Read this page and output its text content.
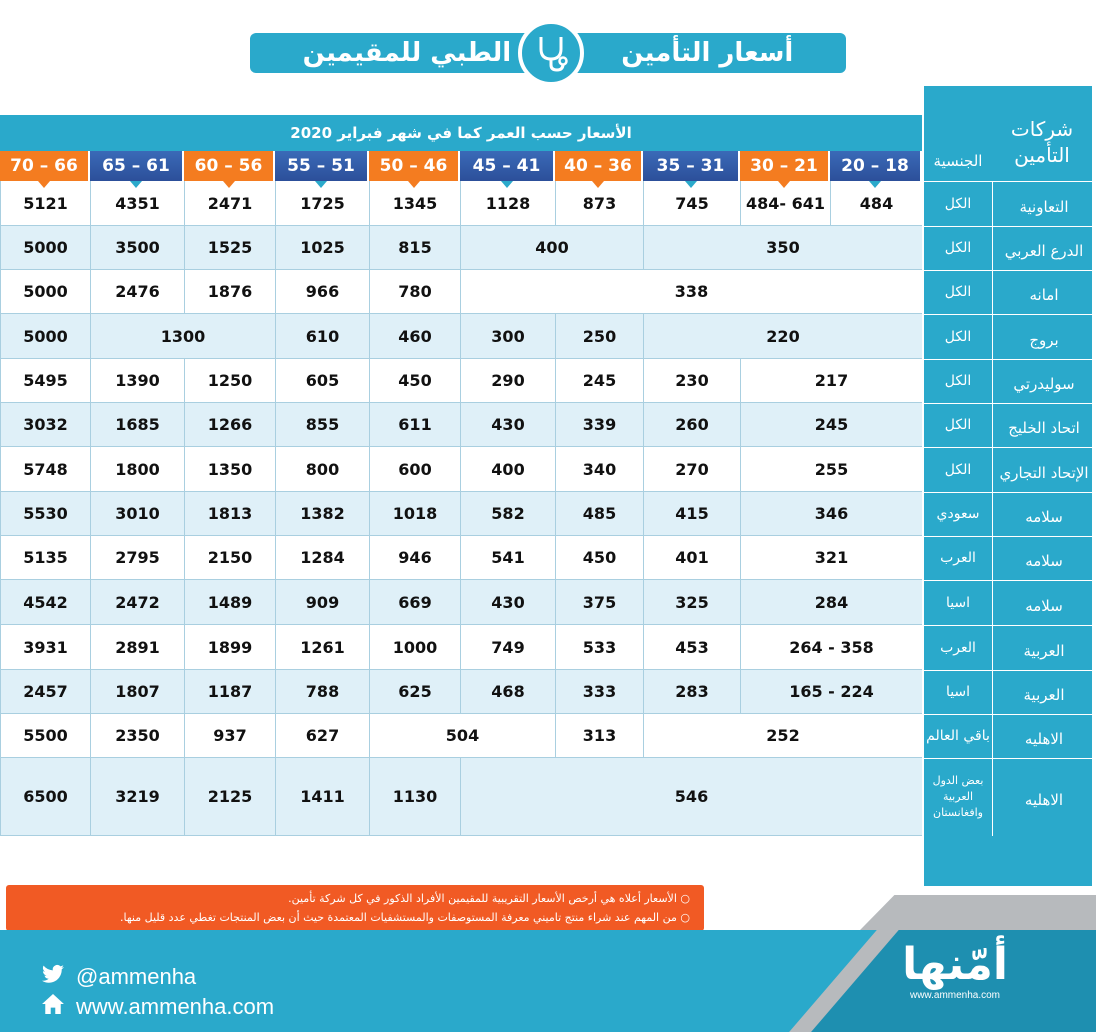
أسعار التأمين
الطبي للمقيمين
شركات التأمين
الجنسية
الأسعار حسب العمر كما في شهر فبراير 2020
20 – 18
30 – 21
35 – 31
40 – 36
45 – 41
50 – 46
55 – 51
60 – 56
65 – 61
70 – 66
484
484- 641
745
873
1128
1345
1725
2471
4351
5121
350
400
815
1025
1525
3500
5000
338
780
966
1876
2476
5000
220
250
300
460
610
1300
5000
217
230
245
290
450
605
1250
1390
5495
245
260
339
430
611
855
1266
1685
3032
255
270
340
400
600
800
1350
1800
5748
346
415
485
582
1018
1382
1813
3010
5530
321
401
450
541
946
1284
2150
2795
5135
284
325
375
430
669
909
1489
2472
4542
264 - 358
453
533
749
1000
1261
1899
2891
3931
165 - 224
283
333
468
625
788
1187
1807
2457
252
313
504
627
937
2350
5500
546
1130
1411
2125
3219
6500
التعاونية
الكل
الدرع العربي
الكل
امانه
الكل
بروج
الكل
سوليدرتي
الكل
اتحاد الخليج
الكل
الإتحاد التجاري
الكل
سلامه
سعودي
سلامه
العرب
سلامه
اسيا
العربية
العرب
العربية
اسيا
الاهليه
باقي العالم
الاهليه
بعض الدول العربية وافغانستان
○ الأسعار أعلاه هي أرخص الأسعار التقريبية للمقيمين الأفراد الذكور في كل شركة تأمين.
○ من المهم عند شراء منتج تاميني معرفة المستوصفات والمستشفيات المعتمدة حيث أن بعض المنتجات تغطي عدد قليل منها.
@ammenha
www.ammenha.com
أمّنها
www.ammenha.com
